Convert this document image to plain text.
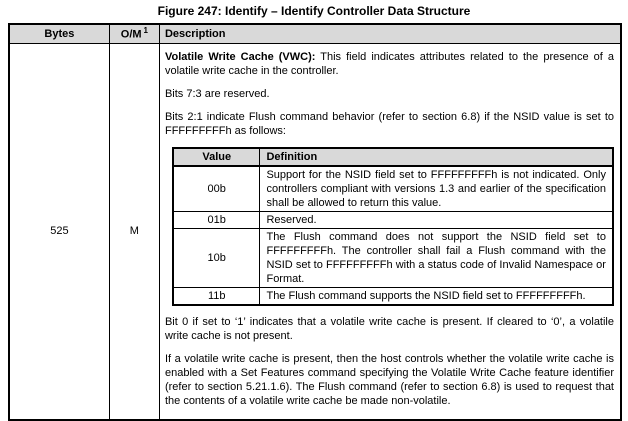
Figure 247: Identify – Identify Controller Data Structure
Bytes	O/M $^1$	Description
525	M	

Volatile Write Cache (VWC): This field indicates attributes related to the presence of a volatile write cache in the controller.

Bits 7:3 are reserved.

Bits 2:1 indicate Flush command behavior (refer to section 6.8) if the NSID value is set to FFFFFFFFFh as follows:

Value	Definition
00b	Support for the NSID field set to FFFFFFFFFh is not indicated. Only controllers compliant with versions 1.3 and earlier of the specification shall be allowed to return this value.
01b	Reserved.
10b	The Flush command does not support the NSID field set to FFFFFFFFFh. The controller shall fail a Flush command with the NSID set to FFFFFFFFFh with a status code of Invalid Namespace or Format.
11b	The Flush command supports the NSID field set to FFFFFFFFFh.

Bit 0 if set to ‘1’ indicates that a volatile write cache is present. If cleared to ‘0’, a volatile write cache is not present.

If a volatile write cache is present, then the host controls whether the volatile write cache is enabled with a Set Features command specifying the Volatile Write Cache feature identifier (refer to section 5.21.1.6). The Flush command (refer to section 6.8) is used to request that the contents of a volatile write cache be made non-volatile.
